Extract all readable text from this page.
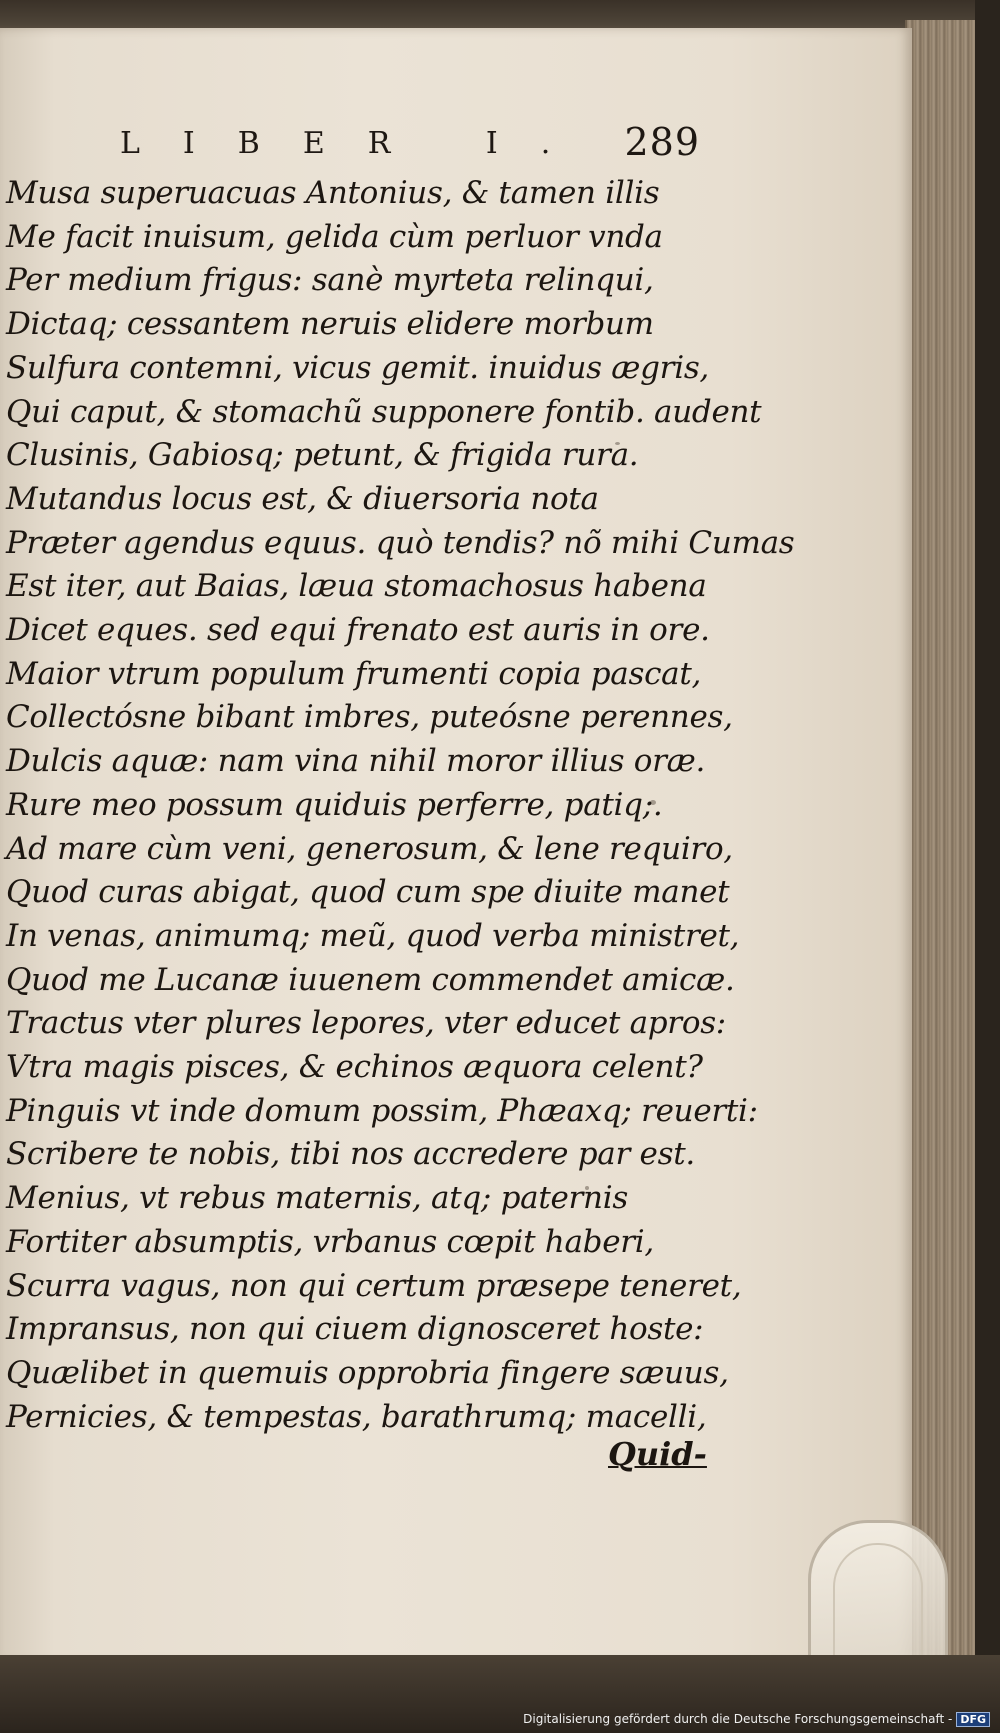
LIBER I. 289
Musa superuacuas Antonius, & tamen illis
Me facit inuisum, gelida cùm perluor vnda
Per medium frigus: sanè myrteta relinqui,
Dictaq; cessantem neruis elidere morbum
Sulfura contemni, vicus gemit. inuidus ægris,
Qui caput, & stomachũ supponere fontib. audent
Clusinis, Gabiosq; petunt, & frigida rura.
Mutandus locus est, & diuersoria nota
Præter agendus equus. quò tendis? nõ mihi Cumas
Est iter, aut Baias, læua stomachosus habena
Dicet eques. sed equi frenato est auris in ore.
Maior vtrum populum frumenti copia pascat,
Collectósne bibant imbres, puteósne perennes,
Dulcis aquæ: nam vina nihil moror illius oræ.
Rure meo possum quiduis perferre, patiq;.
Ad mare cùm veni, generosum, & lene requiro,
Quod curas abigat, quod cum spe diuite manet
In venas, animumq; meũ, quod verba ministret,
Quod me Lucanæ iuuenem commendet amicæ.
Tractus vter plures lepores, vter educet apros:
Vtra magis pisces, & echinos æquora celent?
Pinguis vt inde domum possim, Phæaxq; reuerti:
Scribere te nobis, tibi nos accredere par est.
Menius, vt rebus maternis, atq; paternis
Fortiter absumptis, vrbanus cœpit haberi,
Scurra vagus, non qui certum præsepe teneret,
Impransus, non qui ciuem dignosceret hoste:
Quælibet in quemuis opprobria fingere sæuus,
Pernicies, & tempestas, barathrumq; macelli,
Quid-
Digitalisierung gefördert durch die Deutsche Forschungsgemeinschaft - DFG
